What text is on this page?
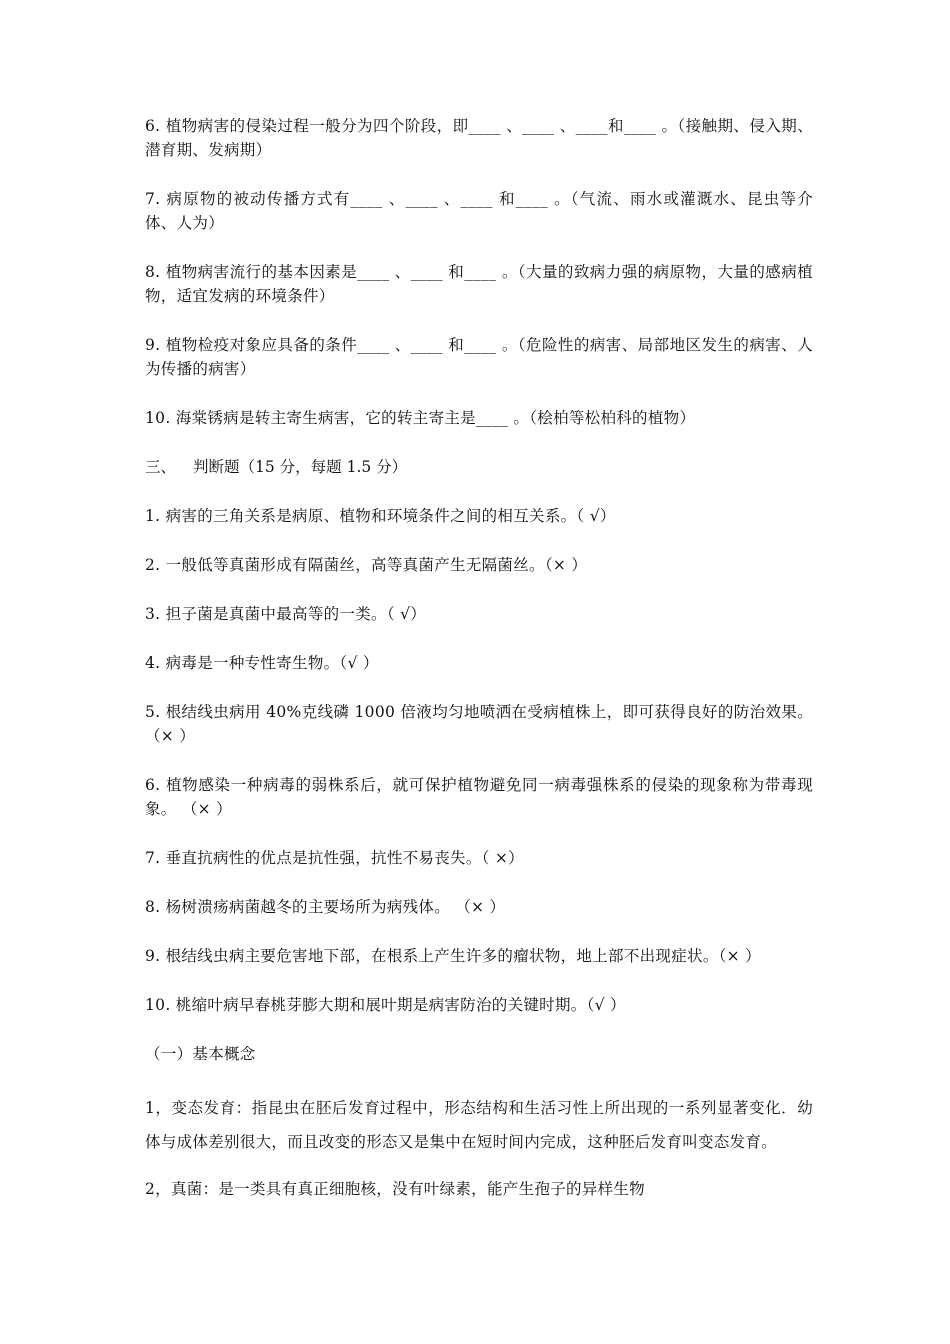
6. 植物病害的侵染过程一般分为四个阶段，即____ 、____ 、____和____ 。（接触期、侵入期、潜育期、发病期）

7. 病原物的被动传播方式有____ 、____ 、____ 和____ 。（气流、雨水或灌溉水、昆虫等介体、人为）

8. 植物病害流行的基本因素是____ 、____ 和____ 。（大量的致病力强的病原物，大量的感病植物，适宜发病的环境条件）

9. 植物检疫对象应具备的条件____ 、____ 和____ 。（危险性的病害、局部地区发生的病害、人为传播的病害）

10. 海棠锈病是转主寄生病害，它的转主寄主是____ 。（桧柏等松柏科的植物）

三、 判断题（15 分，每题 1.5 分）

1. 病害的三角关系是病原、植物和环境条件之间的相互关系。（ √）

2. 一般低等真菌形成有隔菌丝，高等真菌产生无隔菌丝。（× ）

3. 担子菌是真菌中最高等的一类。（ √）

4. 病毒是一种专性寄生物。（√ ）

5. 根结线虫病用 40%克线磷 1000 倍液均匀地喷洒在受病植株上，即可获得良好的防治效果。（× ）

6. 植物感染一种病毒的弱株系后，就可保护植物避免同一病毒强株系的侵染的现象称为带毒现象。 （× ）

7. 垂直抗病性的优点是抗性强，抗性不易丧失。（ ×）

8. 杨树溃疡病菌越冬的主要场所为病残体。 （× ）

9. 根结线虫病主要危害地下部，在根系上产生许多的瘤状物，地上部不出现症状。（× ）

10. 桃缩叶病早春桃芽膨大期和展叶期是病害防治的关键时期。（√ ）

（一）基本概念

1，变态发育：指昆虫在胚后发育过程中，形态结构和生活习性上所出现的一系列显著变化．幼体与成体差别很大，而且改变的形态又是集中在短时间内完成，这种胚后发育叫变态发育。

2，真菌：是一类具有真正细胞核，没有叶绿素，能产生孢子的异样生物
